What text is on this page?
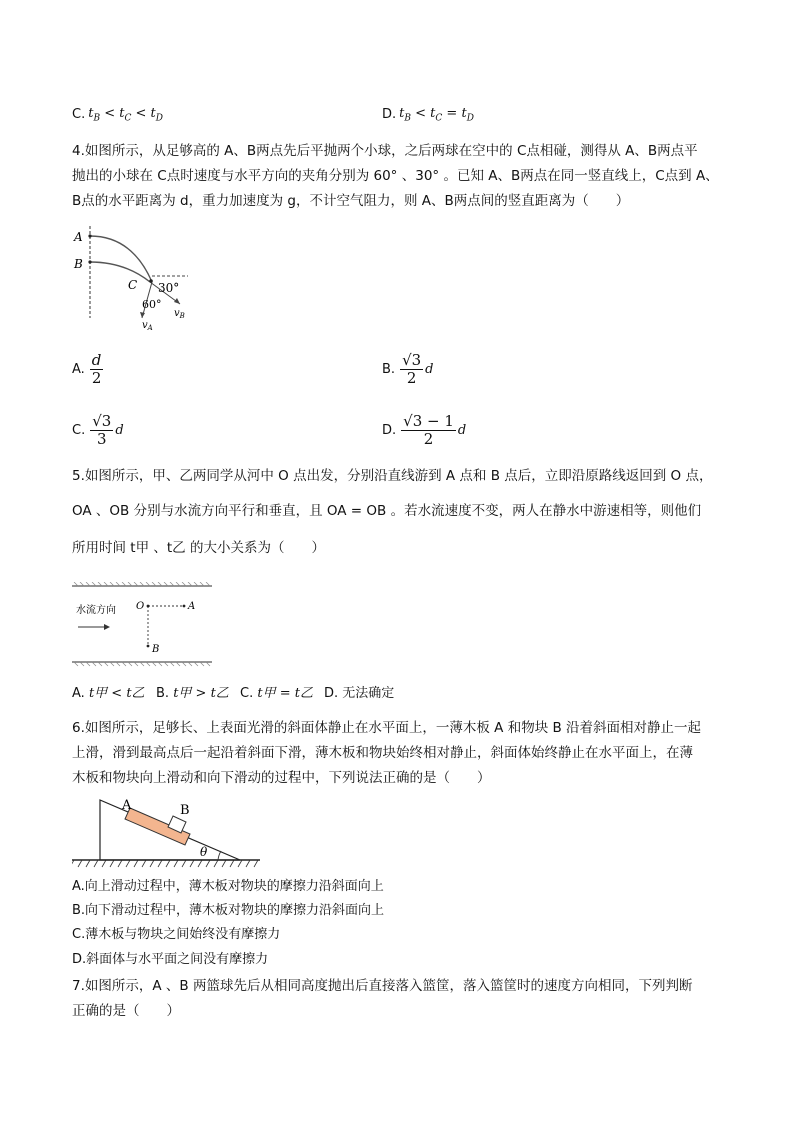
C. $t_B < t_C < t_D$	D. $t_B < t_C = t_D$
4.如图所示，从足够高的 A、B两点先后平抛两个小球，之后两球在空中的 C点相碰，测得从 A、B两点平
抛出的小球在 C点时速度与水平方向的夹角分别为 60° 、30° 。已知 A、B两点在同一竖直线上，C点到 A、
B点的水平距离为 d，重力加速度为 g，不计空气阻力，则 A、B两点间的竖直距离为（　　）
A
B
C 30°
60°
$v_A$
$v_B$
A. $\frac{d}{2}$	B. $\frac{√3}{2}$ d
C. $\frac{√3}{3}$ d	D. $\frac{√3 - 1}{2}$ d
5.如图所示，甲、乙两同学从河中 O 点出发，分别沿直线游到 A 点和 B 点后，立即沿原路线返回到 O 点，
OA 、OB 分别与水流方向平行和垂直，且 OA = OB 。若水流速度不变，两人在静水中游速相等，则他们
所用时间 t甲 、t乙 的大小关系为（　　）
水流方向 O	A
B
A. t甲 < t乙 B. t甲 > t乙 C. t甲 = t乙 D. 无法确定
6.如图所示，足够长、上表面光滑的斜面体静止在水平面上，一薄木板 A 和物块 B 沿着斜面相对静止一起
上滑，滑到最高点后一起沿着斜面下滑，薄木板和物块始终相对静止，斜面体始终静止在水平面上，在薄
木板和物块向上滑动和向下滑动的过程中，下列说法正确的是（　　）
A	B
θ
A.向上滑动过程中，薄木板对物块的摩擦力沿斜面向上
B.向下滑动过程中，薄木板对物块的摩擦力沿斜面向上
C.薄木板与物块之间始终没有摩擦力
D.斜面体与水平面之间没有摩擦力
7.如图所示，A 、B 两篮球先后从相同高度抛出后直接落入篮筐，落入篮筐时的速度方向相同，下列判断
正确的是（　　）
